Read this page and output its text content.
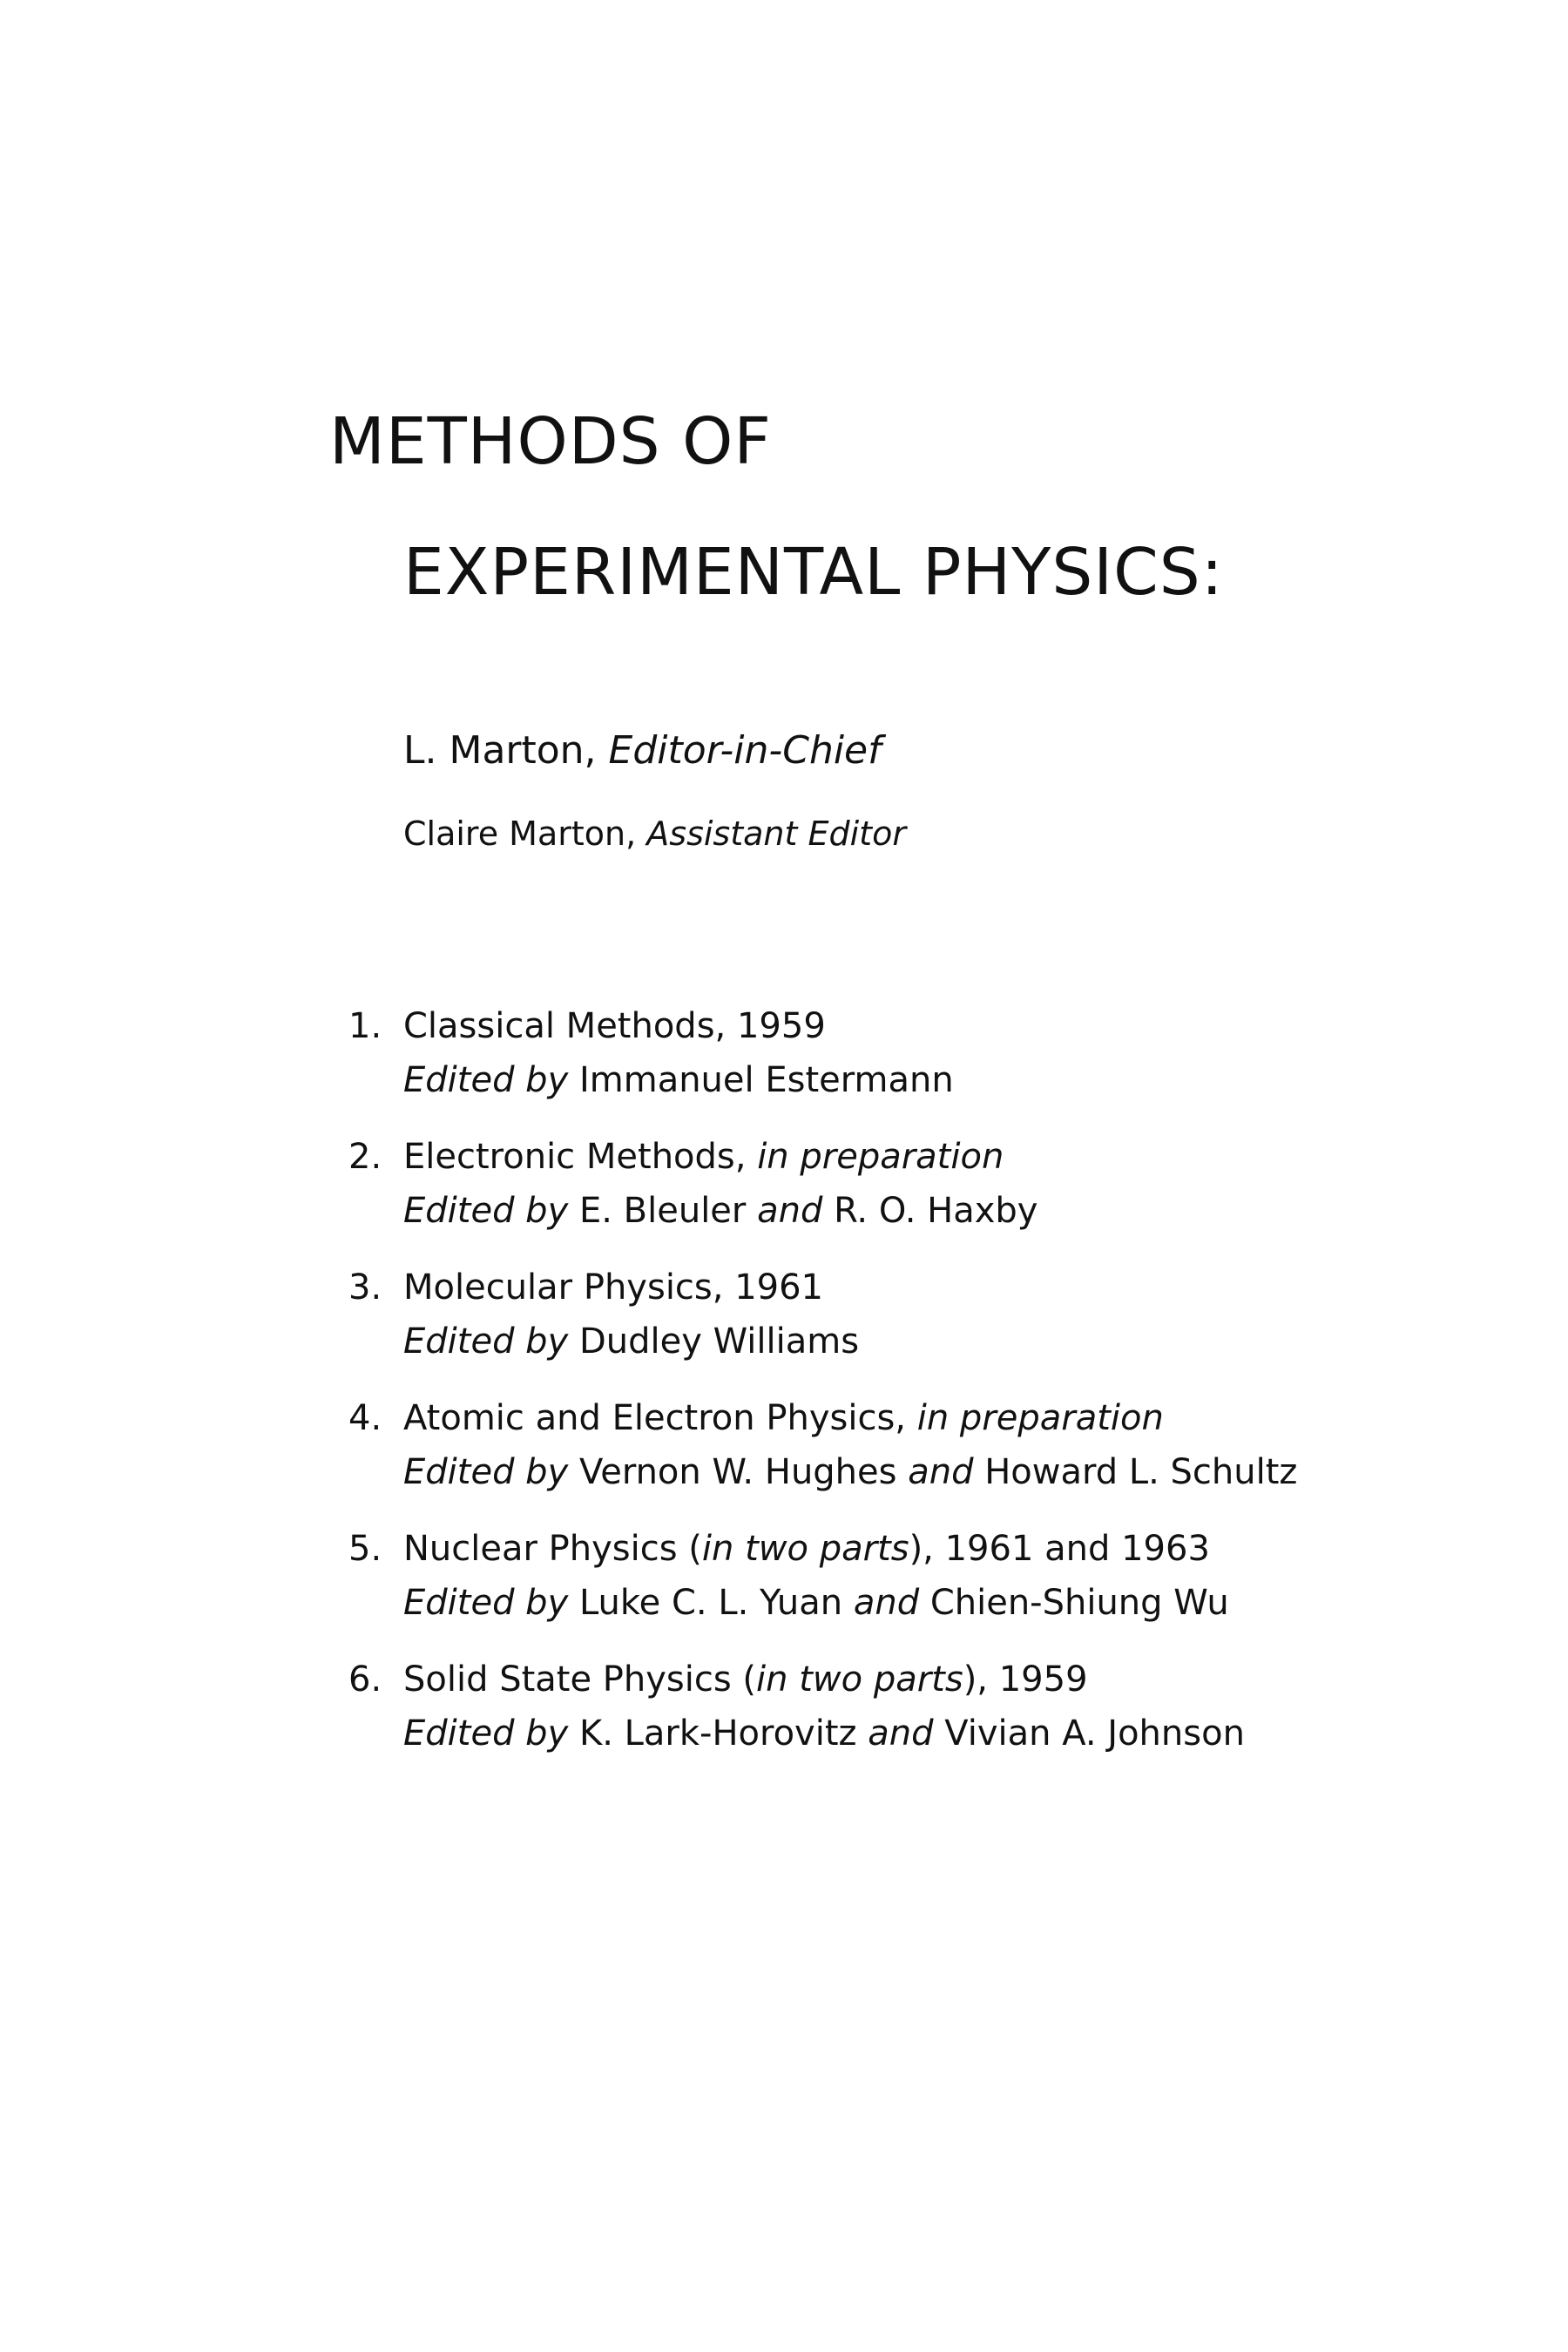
METHODS OF
EXPERIMENTAL PHYSICS:
L. Marton, Editor-in-Chief
Claire Marton, Assistant Editor
1. Classical Methods, 1959
Edited by Immanuel Estermann
2. Electronic Methods, in preparation
Edited by E. Bleuler and R. O. Haxby
3. Molecular Physics, 1961
Edited by Dudley Williams
4. Atomic and Electron Physics, in preparation
Edited by Vernon W. Hughes and Howard L. Schultz
5. Nuclear Physics (in two parts), 1961 and 1963
Edited by Luke C. L. Yuan and Chien-Shiung Wu
6. Solid State Physics (in two parts), 1959
Edited by K. Lark-Horovitz and Vivian A. Johnson
